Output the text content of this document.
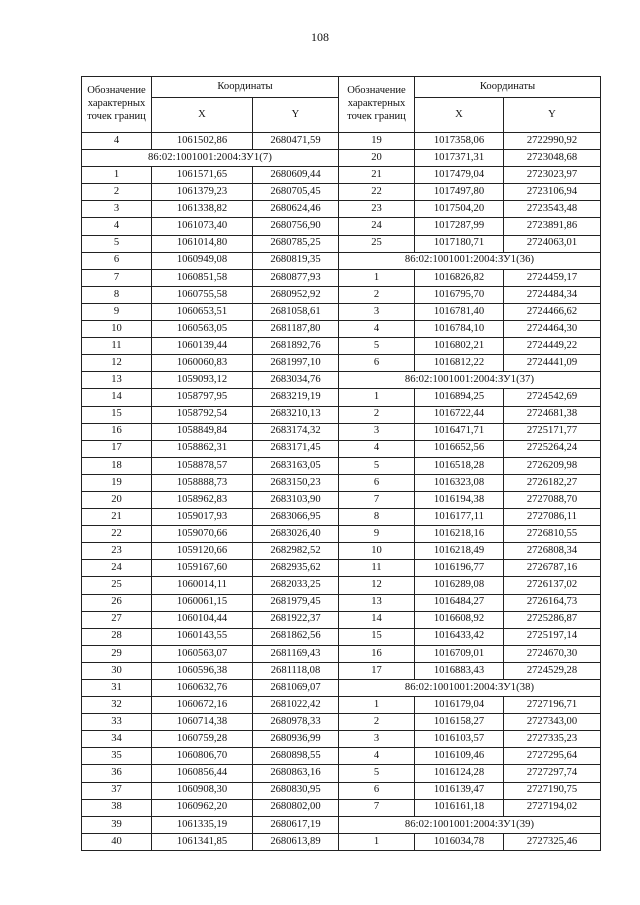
108
Обозначение характерных точек границ	Координаты		Обозначение характерных точек границ	Координаты	
	X	Y		X	Y
4	1061502,86	2680471,59	19	1017358,06	2722990,92
86:02:1001001:2004:ЗУ1(7)			20	1017371,31	2723048,68
1	1061571,65	2680609,44	21	1017479,04	2723023,97
2	1061379,23	2680705,45	22	1017497,80	2723106,94
3	1061338,82	2680624,46	23	1017504,20	2723543,48
4	1061073,40	2680756,90	24	1017287,99	2723891,86
5	1061014,80	2680785,25	25	1017180,71	2724063,01
6	1060949,08	2680819,35	86:02:1001001:2004:ЗУ1(36)		
7	1060851,58	2680877,93	1	1016826,82	2724459,17
8	1060755,58	2680952,92	2	1016795,70	2724484,34
9	1060653,51	2681058,61	3	1016781,40	2724466,62
10	1060563,05	2681187,80	4	1016784,10	2724464,30
11	1060139,44	2681892,76	5	1016802,21	2724449,22
12	1060060,83	2681997,10	6	1016812,22	2724441,09
13	1059093,12	2683034,76	86:02:1001001:2004:ЗУ1(37)		
14	1058797,95	2683219,19	1	1016894,25	2724542,69
15	1058792,54	2683210,13	2	1016722,44	2724681,38
16	1058849,84	2683174,32	3	1016471,71	2725171,77
17	1058862,31	2683171,45	4	1016652,56	2725264,24
18	1058878,57	2683163,05	5	1016518,28	2726209,98
19	1058888,73	2683150,23	6	1016323,08	2726182,27
20	1058962,83	2683103,90	7	1016194,38	2727088,70
21	1059017,93	2683066,95	8	1016177,11	2727086,11
22	1059070,66	2683026,40	9	1016218,16	2726810,55
23	1059120,66	2682982,52	10	1016218,49	2726808,34
24	1059167,60	2682935,62	11	1016196,77	2726787,16
25	1060014,11	2682033,25	12	1016289,08	2726137,02
26	1060061,15	2681979,45	13	1016484,27	2726164,73
27	1060104,44	2681922,37	14	1016608,92	2725286,87
28	1060143,55	2681862,56	15	1016433,42	2725197,14
29	1060563,07	2681169,43	16	1016709,01	2724670,30
30	1060596,38	2681118,08	17	1016883,43	2724529,28
31	1060632,76	2681069,07	86:02:1001001:2004:ЗУ1(38)		
32	1060672,16	2681022,42	1	1016179,04	2727196,71
33	1060714,38	2680978,33	2	1016158,27	2727343,00
34	1060759,28	2680936,99	3	1016103,57	2727335,23
35	1060806,70	2680898,55	4	1016109,46	2727295,64
36	1060856,44	2680863,16	5	1016124,28	2727297,74
37	1060908,30	2680830,95	6	1016139,47	2727190,75
38	1060962,20	2680802,00	7	1016161,18	2727194,02
39	1061335,19	2680617,19	86:02:1001001:2004:ЗУ1(39)		
40	1061341,85	2680613,89	1	1016034,78	2727325,46
